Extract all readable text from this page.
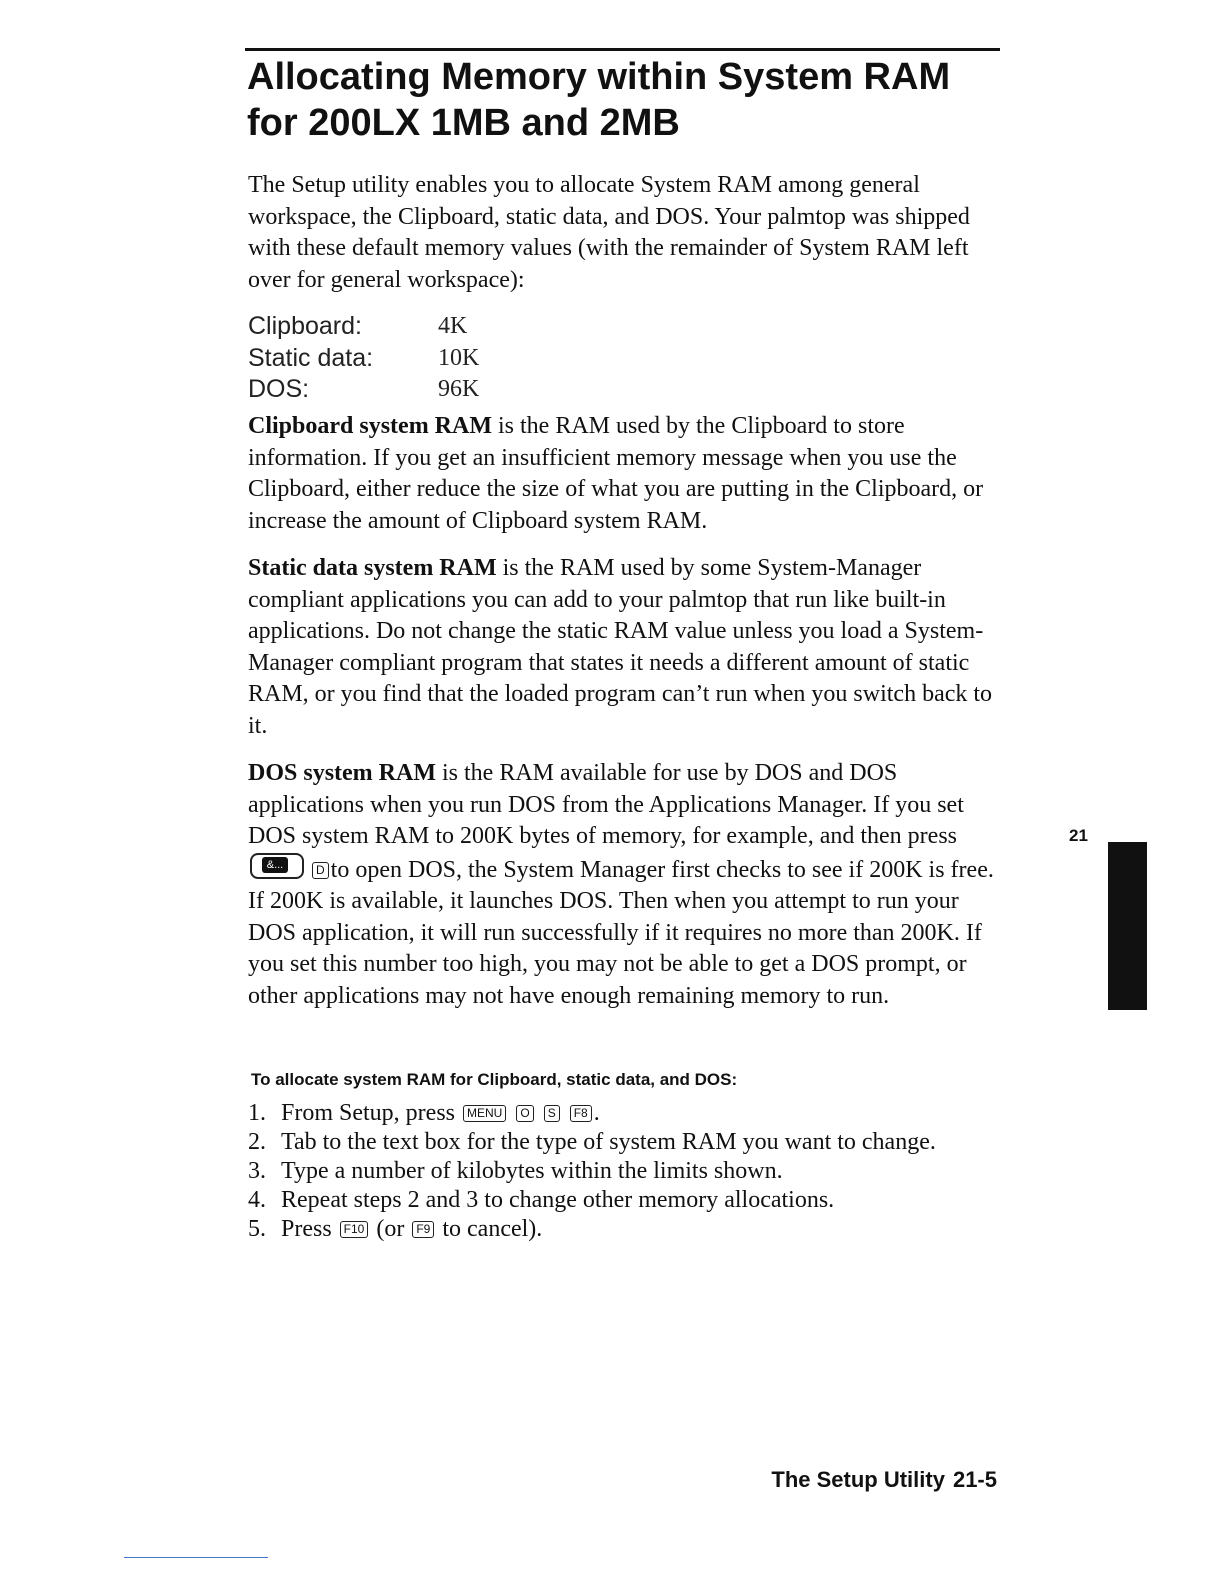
Allocating Memory within System RAM
for 200LX 1MB and 2MB

The Setup utility enables you to allocate System RAM among general workspace, the Clipboard, static data, and DOS. Your palmtop was shipped with these default memory values (with the remainder of System RAM left over for general workspace):

Clipboard:	4K
Static data:	10K
DOS:	96K

Clipboard system RAM is the RAM used by the Clipboard to store information. If you get an insufficient memory message when you use the Clipboard, either reduce the size of what you are putting in the Clipboard, or increase the amount of Clipboard system RAM.

Static data system RAM is the RAM used by some System-Manager compliant applications you can add to your palmtop that run like built-in applications. Do not change the static RAM value unless you load a System-Manager compliant program that states it needs a different amount of static RAM, or you find that the loaded program can’t run when you switch back to it.

DOS system RAM is the RAM available for use by DOS and DOS applications when you run DOS from the Applications Manager. If you set DOS system RAM to 200K bytes of memory, for example, and then press
&...	D to open DOS, the System Manager first checks to see if 200K is free. If 200K is available, it launches DOS. Then when you attempt to run your DOS application, it will run successfully if it requires no more than 200K. If you set this number too high, you may not be able to get a DOS prompt, or other applications may not have enough remaining memory to run.

To allocate system RAM for Clipboard, static data, and DOS:

1. From Setup, press MENU O S F8 .
2. Tab to the text box for the type of system RAM you want to change.
3. Type a number of kilobytes within the limits shown.
4. Repeat steps 2 and 3 to change other memory allocations.
5. Press F10 (or F9 to cancel).
21
The Setup Utility 21-5
